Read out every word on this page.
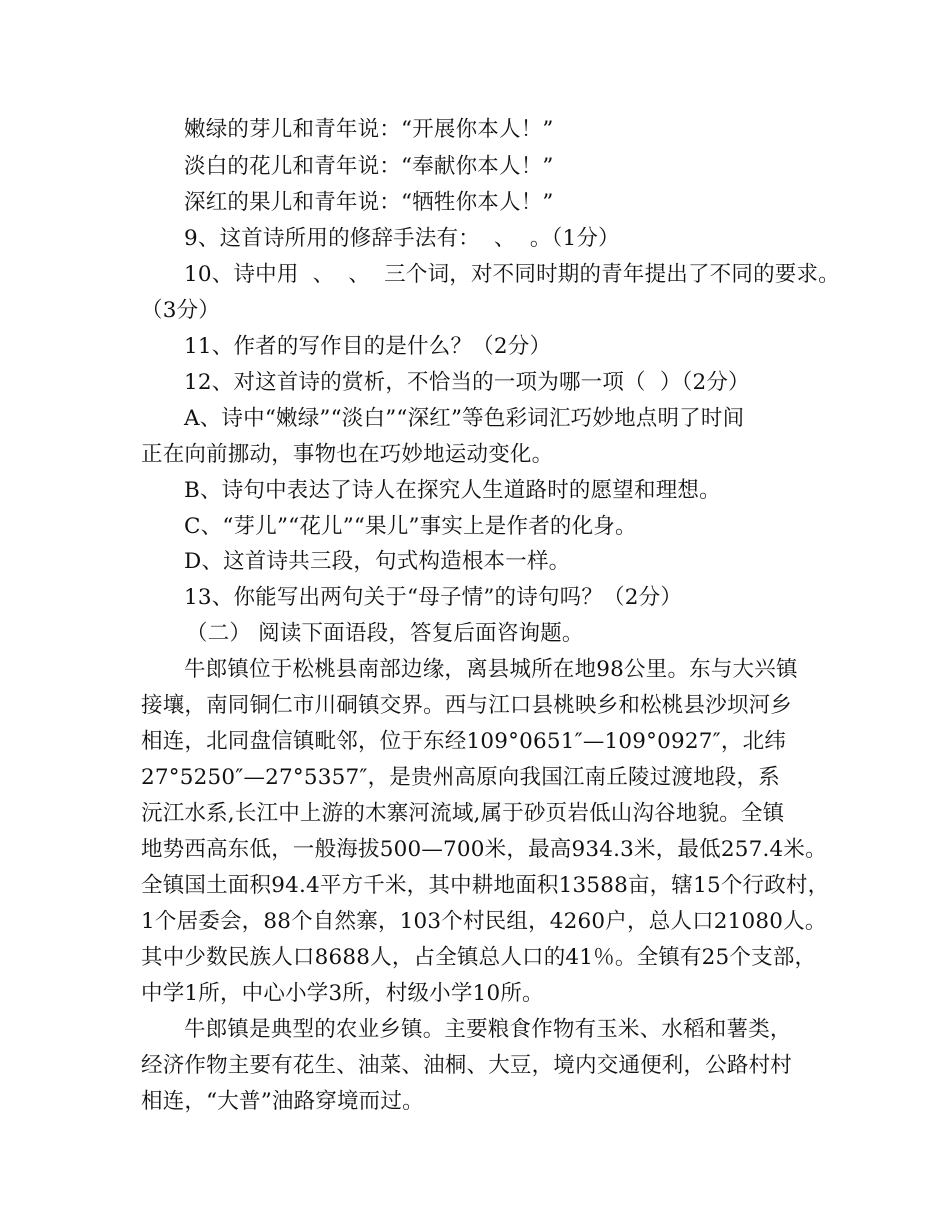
嫩绿的芽儿和青年说：“开展你本人！”
淡白的花儿和青年说：“奉献你本人！”
深红的果儿和青年说：“牺牲你本人！”
9、这首诗所用的修辞手法有：  、  。（1分）
10、诗中用  、  、  三个词，对不同时期的青年提出了不同的要求。
（3分）
11、作者的写作目的是什么？（2分）
12、对这首诗的赏析，不恰当的一项为哪一项（  ）（2分）
A、诗中“嫩绿”“淡白”“深红”等色彩词汇巧妙地点明了时间
正在向前挪动，事物也在巧妙地运动变化。
B、诗句中表达了诗人在探究人生道路时的愿望和理想。
C、“芽儿”“花儿”“果儿”事实上是作者的化身。
D、这首诗共三段，句式构造根本一样。
13、你能写出两句关于“母子情”的诗句吗？（2分）
（二） 阅读下面语段，答复后面咨询题。
牛郎镇位于松桃县南部边缘，离县城所在地98公里。东与大兴镇
接壤，南同铜仁市川硐镇交界。西与江口县桃映乡和松桃县沙坝河乡
相连，北同盘信镇毗邻，位于东经109°0651″—109°0927″，北纬
27°5250″—27°5357″，是贵州高原向我国江南丘陵过渡地段，系
沅江水系,长江中上游的木寨河流域,属于砂页岩低山沟谷地貌。全镇
地势西高东低，一般海拔500—700米，最高934.3米，最低257.4米。
全镇国土面积94.4平方千米，其中耕地面积13588亩，辖15个行政村，
1个居委会，88个自然寨，103个村民组，4260户，总人口21080人。
其中少数民族人口8688人，占全镇总人口的41％。全镇有25个支部，
中学1所，中心小学3所，村级小学10所。
牛郎镇是典型的农业乡镇。主要粮食作物有玉米、水稻和薯类，
经济作物主要有花生、油菜、油桐、大豆，境内交通便利，公路村村
相连，“大普”油路穿境而过。
